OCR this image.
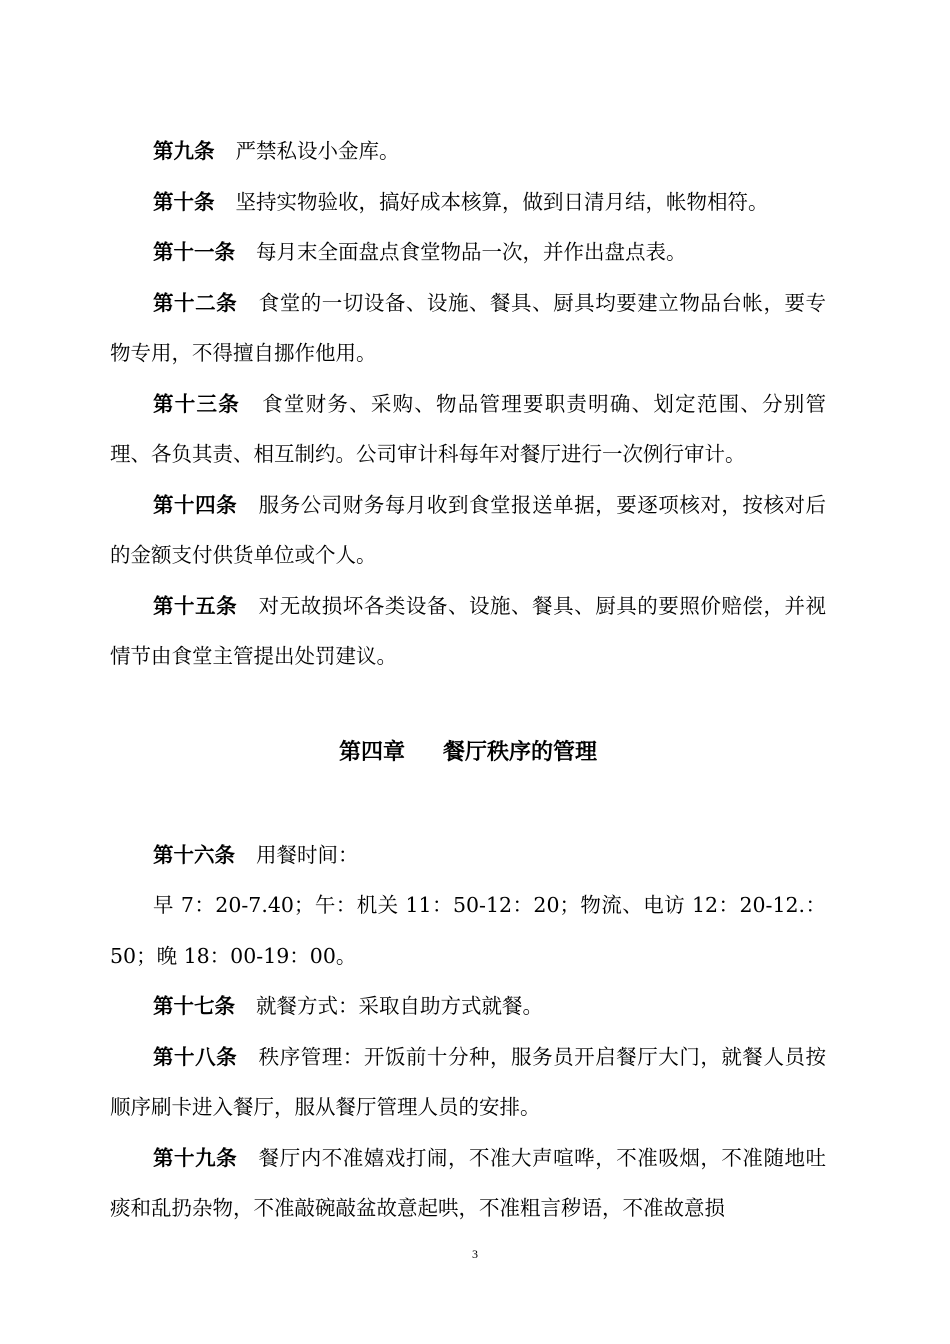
第九条 严禁私设小金库。

第十条 坚持实物验收，搞好成本核算，做到日清月结，帐物相符。

第十一条 每月末全面盘点食堂物品一次，并作出盘点表。

第十二条 食堂的一切设备、设施、餐具、厨具均要建立物品台帐，要专物专用，不得擅自挪作他用。

第十三条 食堂财务、采购、物品管理要职责明确、划定范围、分别管理、各负其责、相互制约。公司审计科每年对餐厅进行一次例行审计。

第十四条 服务公司财务每月收到食堂报送单据，要逐项核对，按核对后的金额支付供货单位或个人。

第十五条 对无故损坏各类设备、设施、餐具、厨具的要照价赔偿，并视情节由食堂主管提出处罚建议。

第四章 餐厅秩序的管理

第十六条 用餐时间：

早 7：20-7.40；午：机关 11：50-12：20；物流、电访 12：20-12.：50；晚 18：00-19：00。

第十七条 就餐方式：采取自助方式就餐。

第十八条 秩序管理：开饭前十分种，服务员开启餐厅大门，就餐人员按顺序刷卡进入餐厅，服从餐厅管理人员的安排。

第十九条 餐厅内不准嬉戏打闹，不准大声喧哗，不准吸烟，不准随地吐痰和乱扔杂物，不准敲碗敲盆故意起哄，不准粗言秽语，不准故意损

3
